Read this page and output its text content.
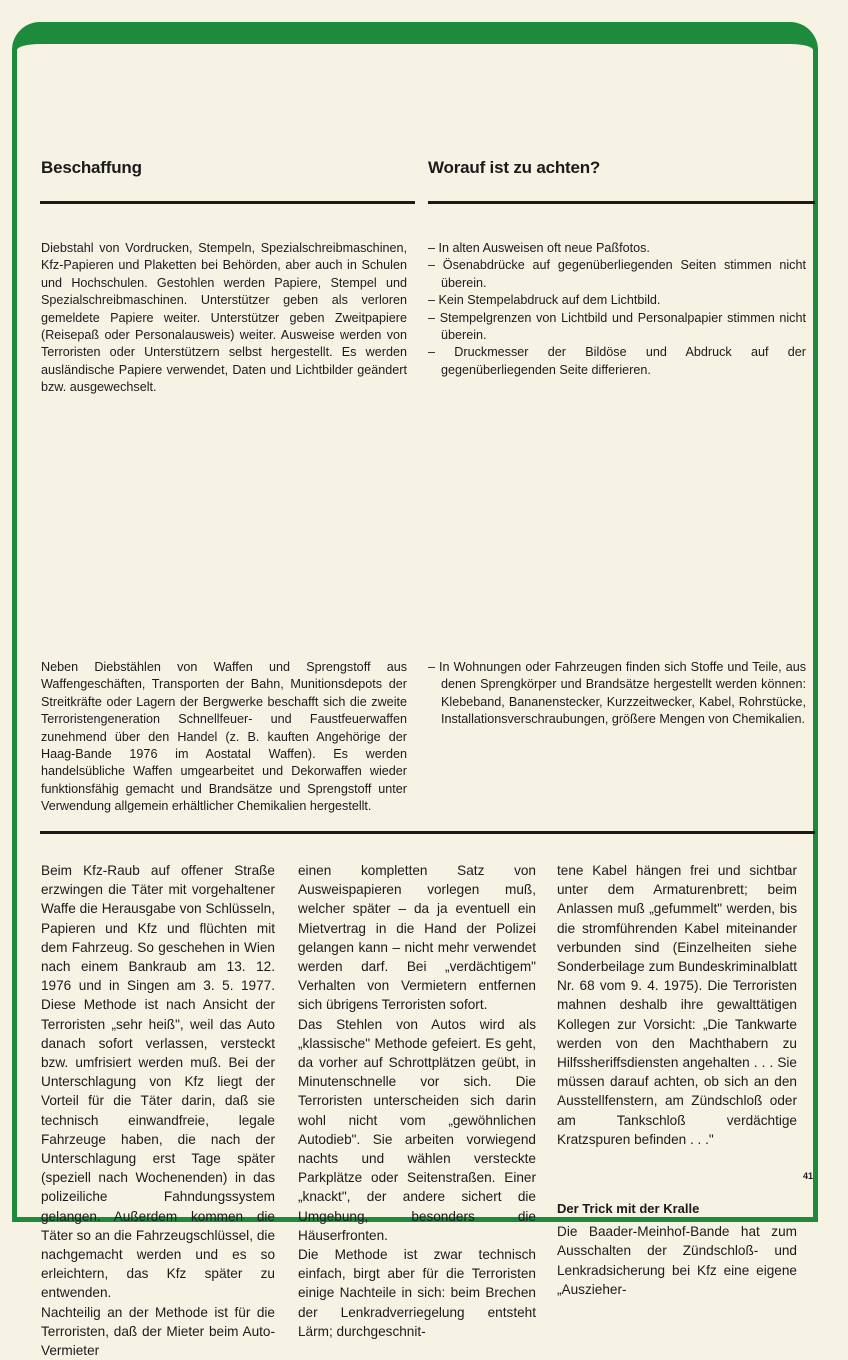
Beschaffung	Worauf ist zu achten?

Diebstahl von Vordrucken, Stempeln, Spezialschreibmaschinen, Kfz-Papieren und Plaketten bei Behörden, aber auch in Schulen und Hochschulen. Gestohlen werden Papiere, Stempel und Spezialschreibmaschinen. Unterstützer geben als verloren gemeldete Papiere weiter. Unterstützer geben Zweitpapiere (Reisepaß oder Personalausweis) weiter. Ausweise werden von Terroristen oder Unterstützern selbst hergestellt. Es werden ausländische Papiere verwendet, Daten und Lichtbilder geändert bzw. ausgewechselt.

– In alten Ausweisen oft neue Paßfotos.

– Ösenabdrücke auf gegenüberliegenden Seiten stimmen nicht überein.

– Kein Stempelabdruck auf dem Lichtbild.

– Stempelgrenzen von Lichtbild und Personalpapier stimmen nicht überein.

– Druckmesser der Bildöse und Abdruck auf der gegenüberliegenden Seite differieren.

Neben Diebstählen von Waffen und Sprengstoff aus Waffengeschäften, Transporten der Bahn, Munitionsdepots der Streitkräfte oder Lagern der Bergwerke beschafft sich die zweite Terroristengeneration Schnellfeuer- und Faustfeuerwaffen zunehmend über den Handel (z. B. kauften Angehörige der Haag-Bande 1976 im Aostatal Waffen). Es werden handelsübliche Waffen umgearbeitet und Dekorwaffen wieder funktionsfähig gemacht und Brandsätze und Sprengstoff unter Verwendung allgemein erhältlicher Chemikalien hergestellt.

– In Wohnungen oder Fahrzeugen finden sich Stoffe und Teile, aus denen Sprengkörper und Brandsätze hergestellt werden können: Klebeband, Bananenstecker, Kurzzeitwecker, Kabel, Rohrstücke, Installationsverschraubungen, größere Mengen von Chemikalien.

Beim Kfz-Raub auf offener Straße erzwingen die Täter mit vorgehaltener Waffe die Herausgabe von Schlüsseln, Papieren und Kfz und flüchten mit dem Fahrzeug. So geschehen in Wien nach einem Bankraub am 13. 12. 1976 und in Singen am 3. 5. 1977. Diese Methode ist nach Ansicht der Terroristen „sehr heiß", weil das Auto danach sofort verlassen, versteckt bzw. umfrisiert werden muß. Bei der Unterschlagung von Kfz liegt der Vorteil für die Täter darin, daß sie technisch einwandfreie, legale Fahrzeuge haben, die nach der Unterschlagung erst Tage später (speziell nach Wochenenden) in das polizeiliche Fahndungssystem gelangen. Außerdem kommen die Täter so an die Fahrzeugschlüssel, die nachgemacht werden und es so erleichtern, das Kfz später zu entwenden.

Nachteilig an der Methode ist für die Terroristen, daß der Mieter beim Auto-Vermieter

einen kompletten Satz von Ausweispapieren vorlegen muß, welcher später – da ja eventuell ein Mietvertrag in die Hand der Polizei gelangen kann – nicht mehr verwendet werden darf. Bei „verdächtigem" Verhalten von Vermietern entfernen sich übrigens Terroristen sofort.

Das Stehlen von Autos wird als „klassische" Methode gefeiert. Es geht, da vorher auf Schrottplätzen geübt, in Minutenschnelle vor sich. Die Terroristen unterscheiden sich darin wohl nicht vom „gewöhnlichen Autodieb". Sie arbeiten vorwiegend nachts und wählen versteckte Parkplätze oder Seitenstraßen. Einer „knackt", der andere sichert die Umgebung, besonders die Häuserfronten.

Die Methode ist zwar technisch einfach, birgt aber für die Terroristen einige Nachteile in sich: beim Brechen der Lenkradverriegelung entsteht Lärm; durchgeschnit-

tene Kabel hängen frei und sichtbar unter dem Armaturenbrett; beim Anlassen muß „gefummelt" werden, bis die stromführenden Kabel miteinander verbunden sind (Einzelheiten siehe Sonderbeilage zum Bundeskriminalblatt Nr. 68 vom 9. 4. 1975). Die Terroristen mahnen deshalb ihre gewalttätigen Kollegen zur Vorsicht: „Die Tankwarte werden von den Machthabern zu Hilfssheriffsdiensten angehalten . . . Sie müssen darauf achten, ob sich an den Ausstellfenstern, am Zündschloß oder am Tankschloß verdächtige Kratzspuren befinden . . ."

Der Trick mit der Kralle

Die Baader-Meinhof-Bande hat zum Ausschalten der Zündschloß- und Lenkradsicherung bei Kfz eine eigene „Auszieher-

41
